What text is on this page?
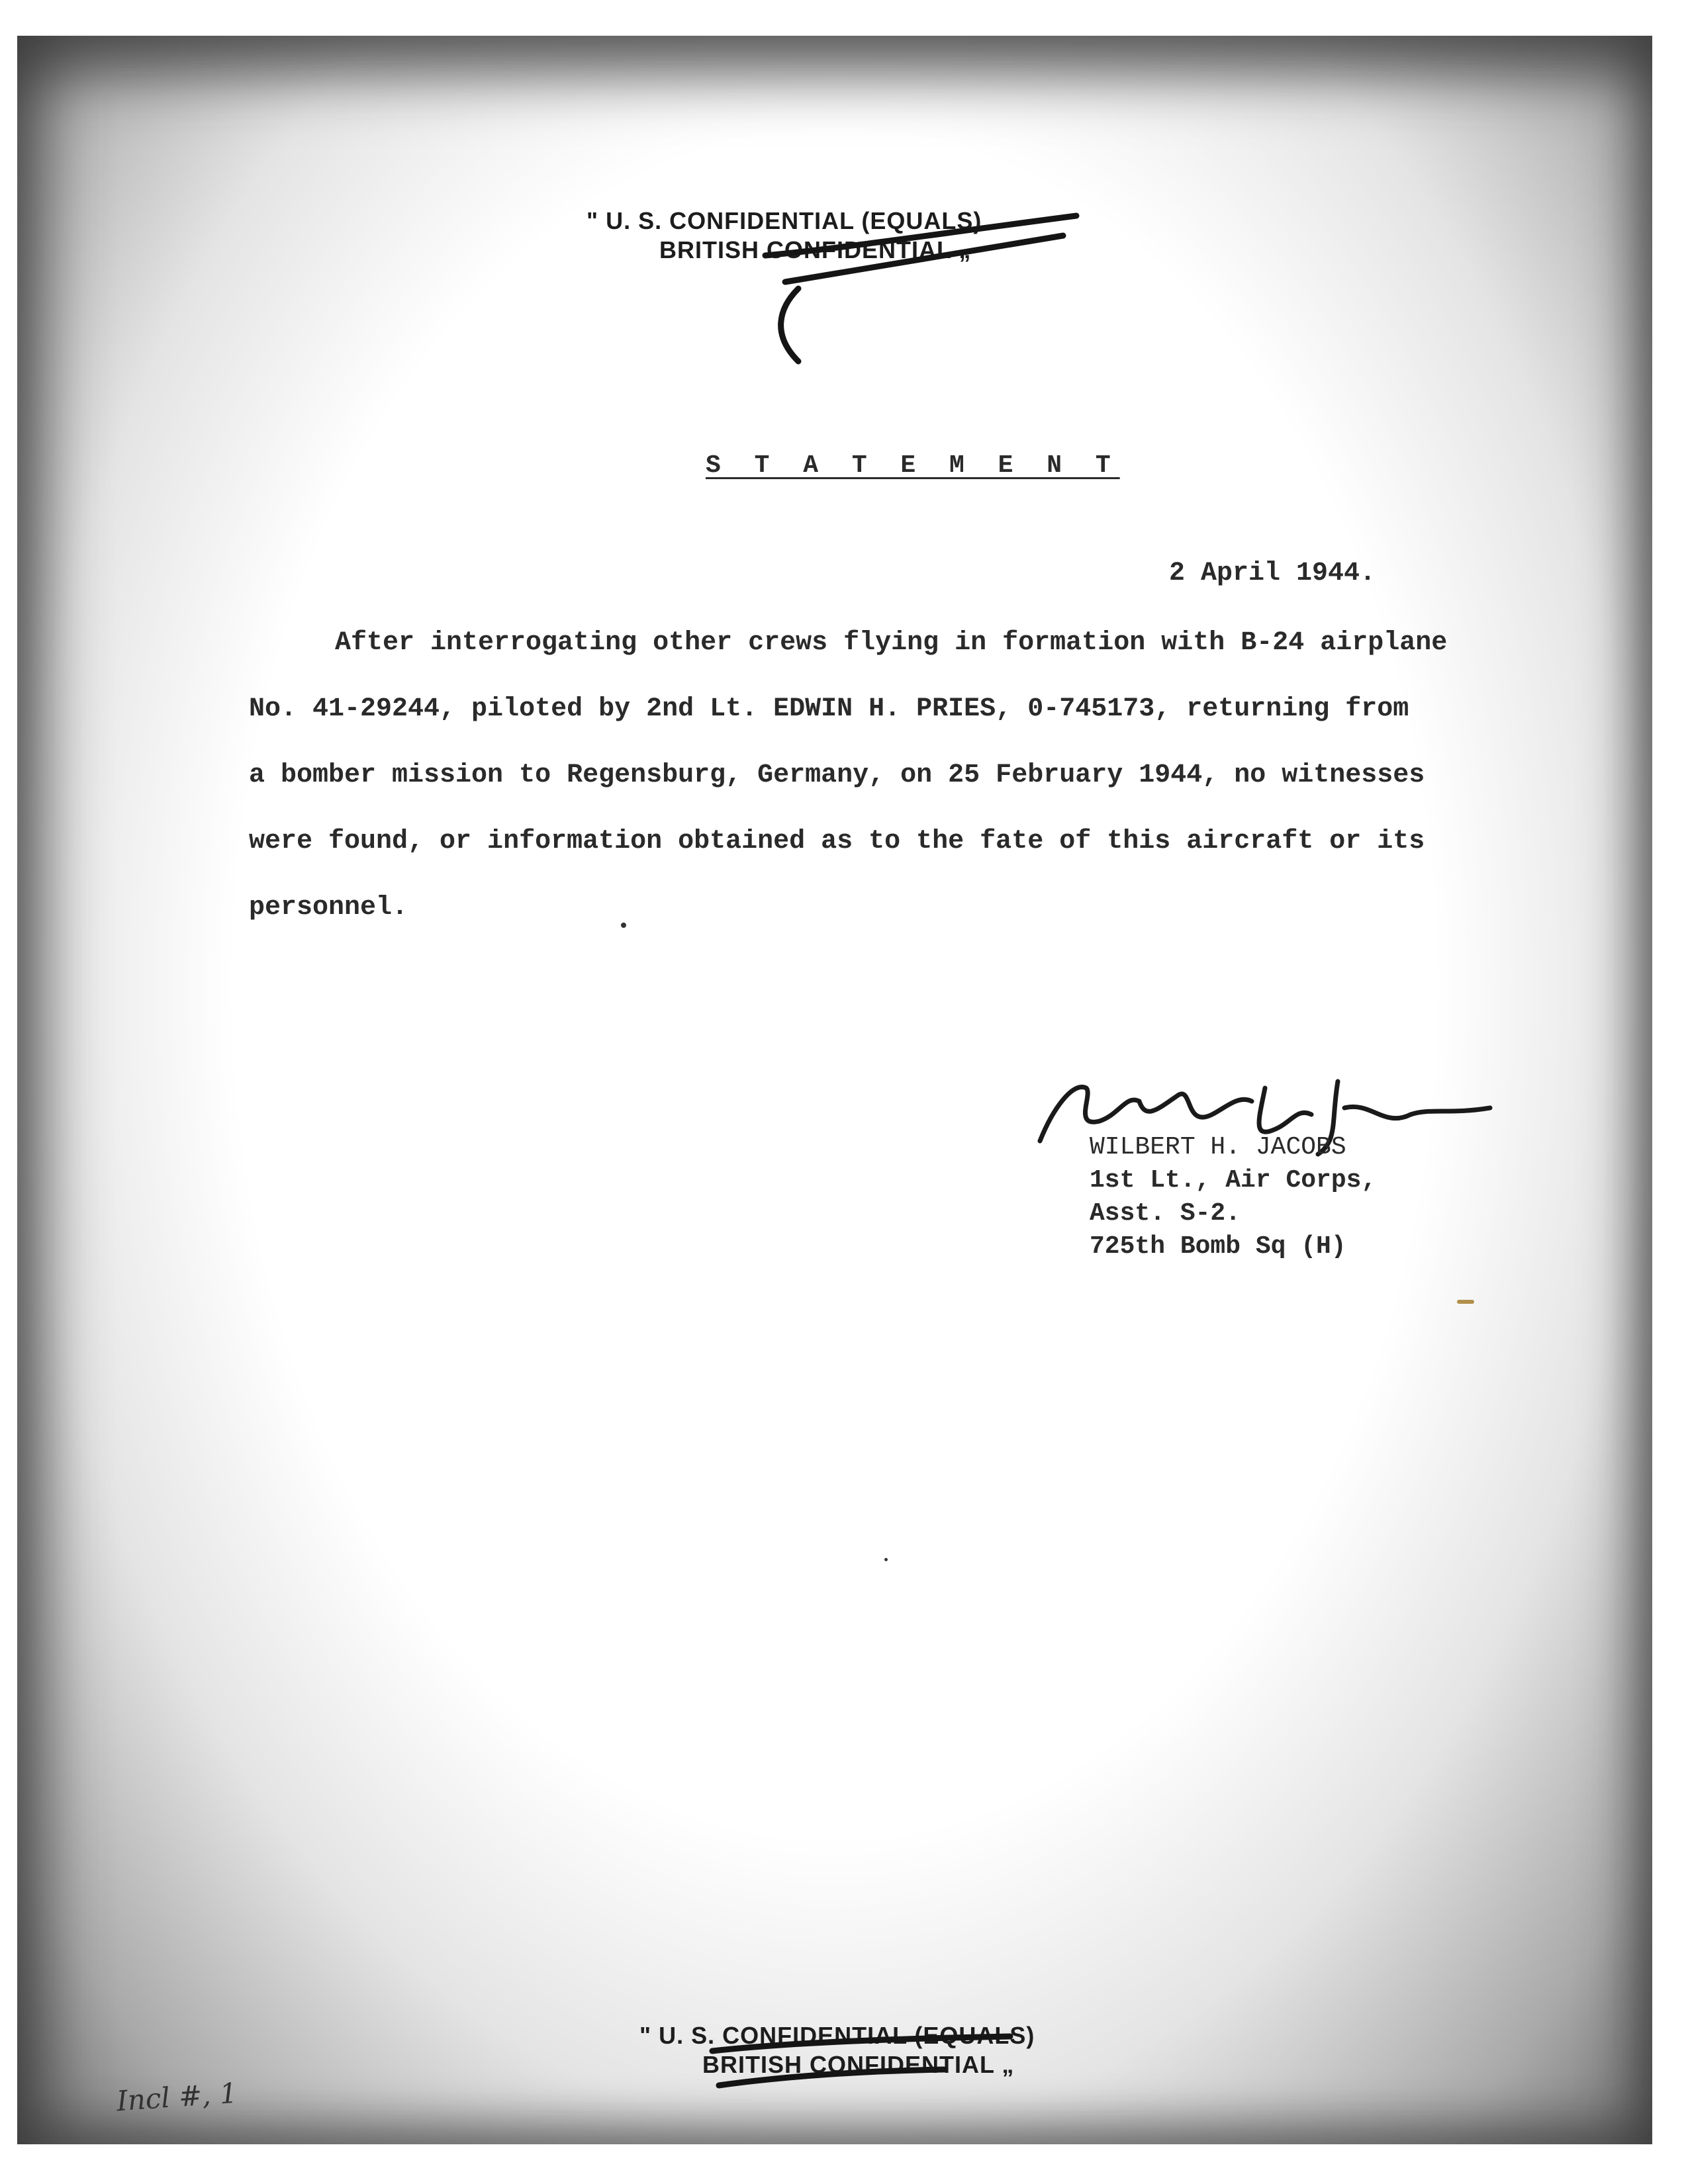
" U. S. CONFIDENTIAL (EQUALS)
BRITISH CONFIDENTIAL „
S T A T E M E N T
2 April 1944.
After interrogating other crews flying in formation with B-24 airplane
No. 41-29244, piloted by 2nd Lt. EDWIN H. PRIES, 0-745173, returning from
a bomber mission to Regensburg, Germany, on 25 February 1944, no witnesses
were found, or information obtained as to the fate of this aircraft or its
personnel.
WILBERT H. JACOBS
1st Lt., Air Corps,
Asst. S-2.
725th Bomb Sq (H)
" U. S. CONFIDENTIAL (EQUALS)
BRITISH CONFIDENTIAL „
Incl #, 1
